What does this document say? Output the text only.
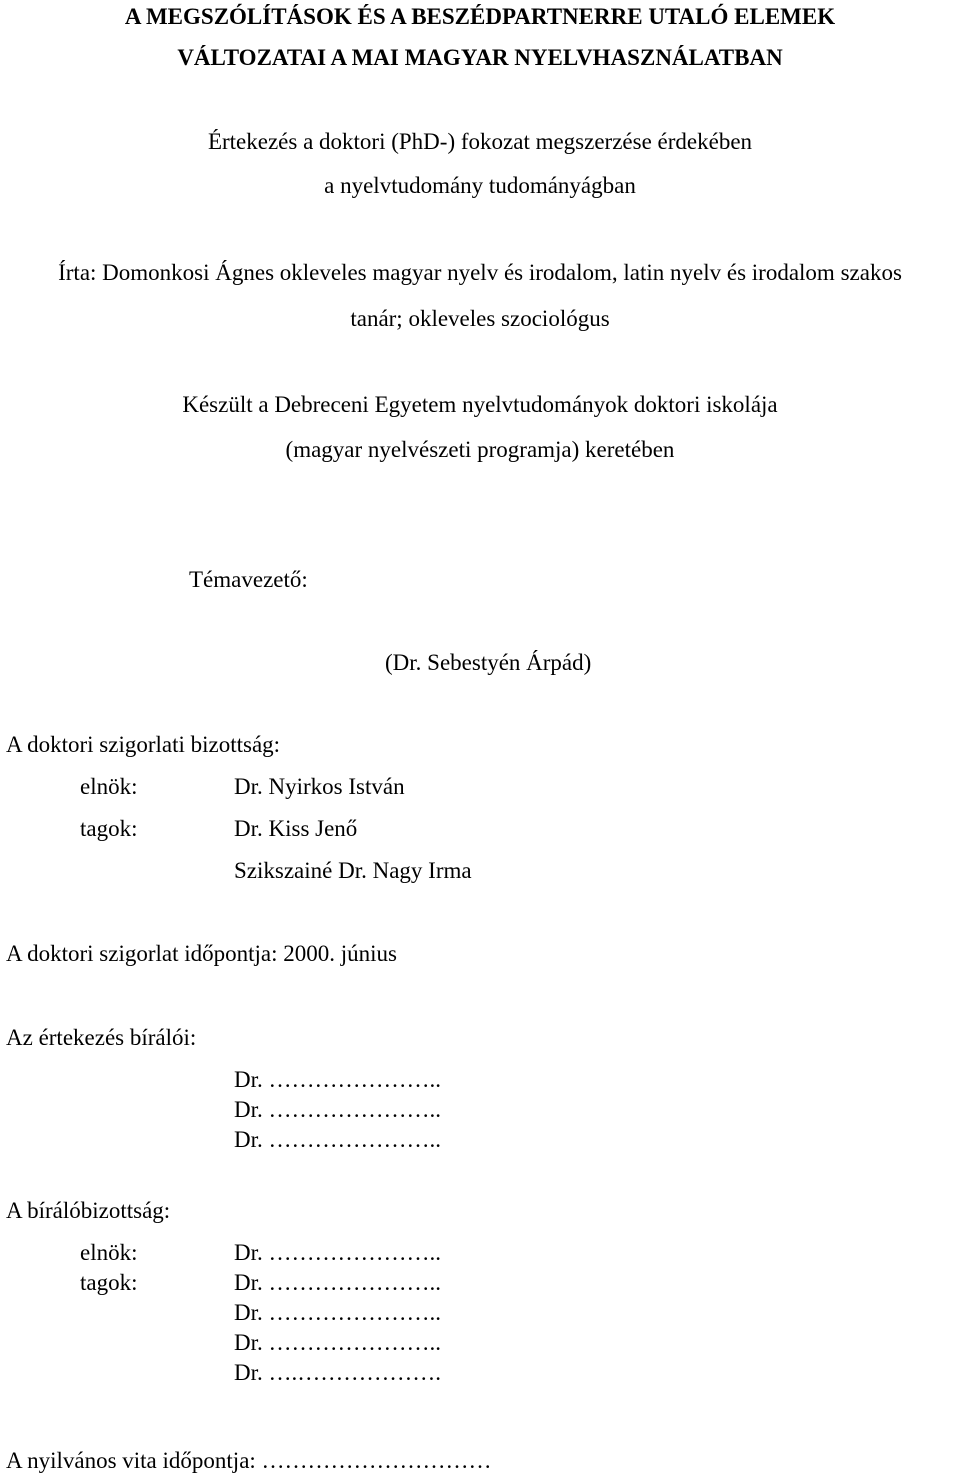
A MEGSZÓLÍTÁSOK ÉS A BESZÉDPARTNERRE UTALÓ ELEMEK
VÁLTOZATAI A MAI MAGYAR NYELVHASZNÁLATBAN
Értekezés a doktori (PhD-) fokozat megszerzése érdekében
a nyelvtudomány tudományágban
Írta: Domonkosi Ágnes okleveles magyar nyelv és irodalom, latin nyelv és irodalom szakos
tanár; okleveles szociológus
Készült a Debreceni Egyetem nyelvtudományok doktori iskolája
(magyar nyelvészeti programja) keretében
Témavezető:
(Dr. Sebestyén Árpád)
A doktori szigorlati bizottság:
elnök:	Dr. Nyirkos István
tagok:	Dr. Kiss Jenő
Szikszainé Dr. Nagy Irma
A doktori szigorlat időpontja: 2000. június
Az értekezés bírálói:
Dr. …………………..
Dr. …………………..
Dr. …………………..
A bírálóbizottság:
elnök:
tagok:
Dr. …………………..
Dr. …………………..
Dr. …………………..
Dr. …………………..
Dr. ….……………….
A nyilvános vita időpontja: …………………………
